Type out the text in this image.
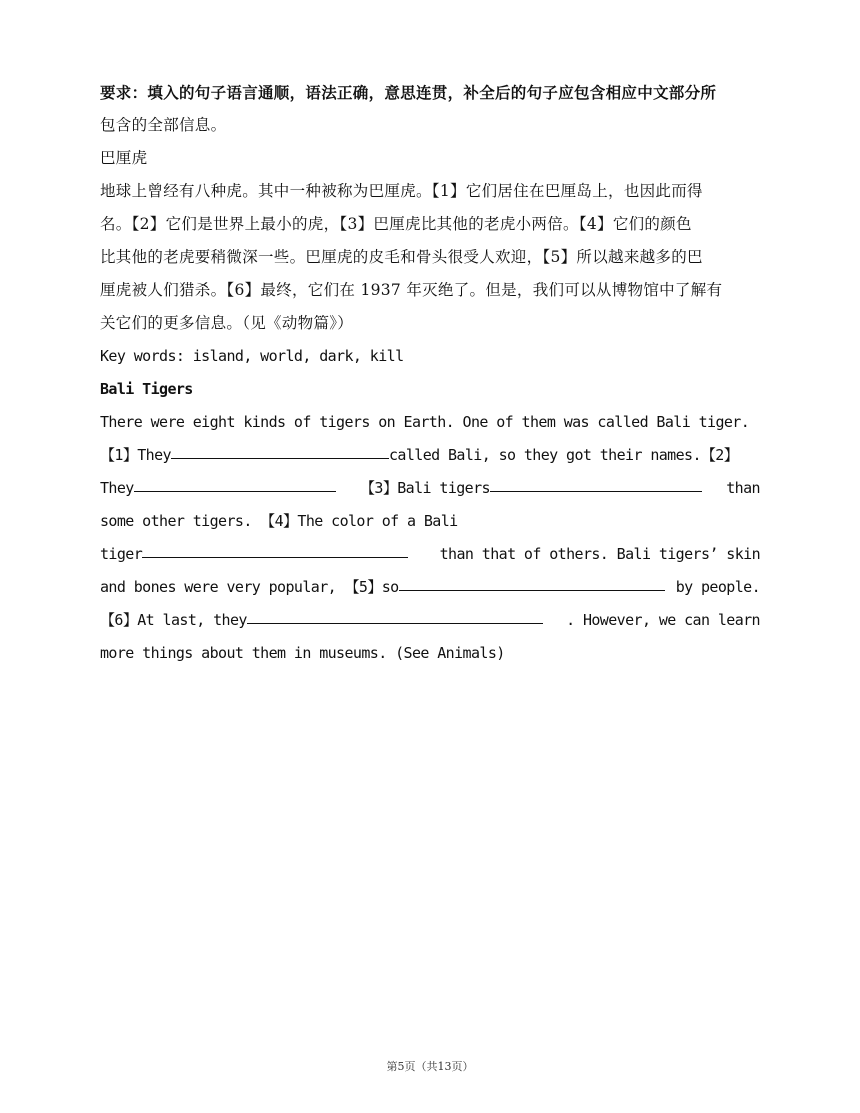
要求：填入的句子语言通顺，语法正确，意思连贯，补全后的句子应包含相应中文部分所
包含的全部信息。
巴厘虎
地球上曾经有八种虎。其中一种被称为巴厘虎。【1】它们居住在巴厘岛上，也因此而得
名。【2】它们是世界上最小的虎，【3】巴厘虎比其他的老虎小两倍。【4】它们的颜色
比其他的老虎要稍微深一些。巴厘虎的皮毛和骨头很受人欢迎，【5】所以越来越多的巴
厘虎被人们猎杀。【6】最终，它们在 1937 年灭绝了。但是，我们可以从博物馆中了解有
关它们的更多信息。（见《动物篇》）
Key words: island, world, dark, kill
Bali Tigers
There were eight kinds of tigers on Earth. One of them was called Bali tiger.
【1】They	called Bali, so they got their names.【2】
They	【3】Bali tigers	than
some other tigers. 【4】The color of a Bali
tiger	than that of others. Bali tigers’ skin
and bones were very popular, 【5】so	by people.
【6】At last, they	. However, we can learn
more things about them in museums. (See Animals)
第5页（共13页）
